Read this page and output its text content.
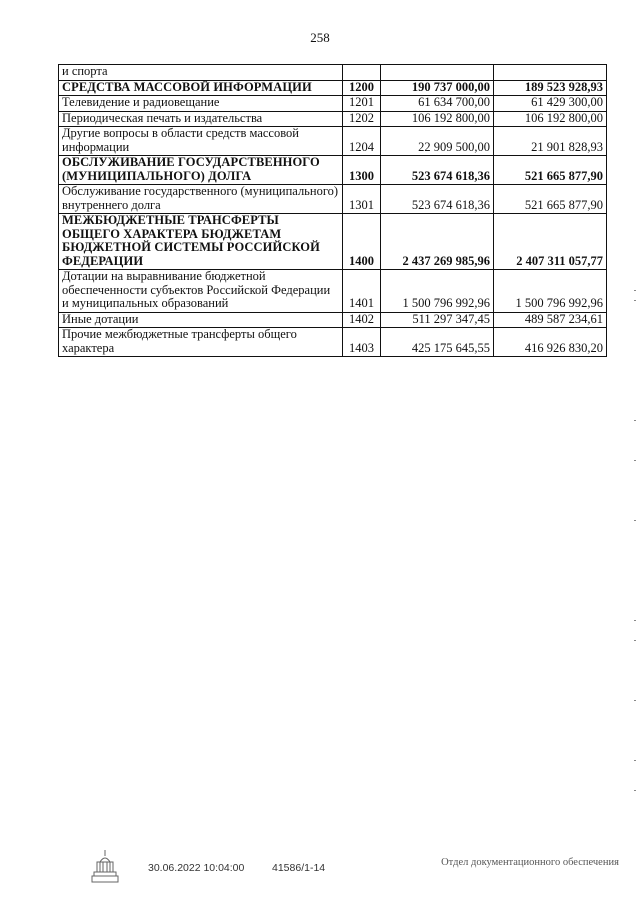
258
и спорта			
СРЕДСТВА МАССОВОЙ ИНФОРМАЦИИ	1200	190 737 000,00	189 523 928,93
Телевидение и радиовещание	1201	61 634 700,00	61 429 300,00
Периодическая печать и издательства	1202	106 192 800,00	106 192 800,00
Другие вопросы в области средств массовой информации	1204	22 909 500,00	21 901 828,93
ОБСЛУЖИВАНИЕ ГОСУДАРСТВЕННОГО (МУНИЦИПАЛЬНОГО) ДОЛГА	1300	523 674 618,36	521 665 877,90
Обслуживание государственного (муниципального) внутреннего долга	1301	523 674 618,36	521 665 877,90
МЕЖБЮДЖЕТНЫЕ ТРАНСФЕРТЫ ОБЩЕГО ХАРАКТЕРА БЮДЖЕТАМ БЮДЖЕТНОЙ СИСТЕМЫ РОССИЙСКОЙ ФЕДЕРАЦИИ	1400	2 437 269 985,96	2 407 311 057,77
Дотации на выравнивание бюджетной обеспеченности субъектов Российской Федерации и муниципальных образований	1401	1 500 796 992,96	1 500 796 992,96
Иные дотации	1402	511 297 347,45	489 587 234,61
Прочие межбюджетные трансферты общего характера	1403	425 175 645,55	416 926 830,20
30.06.2022 10:04:00	41586/1-14	Отдел документационного обеспечения
